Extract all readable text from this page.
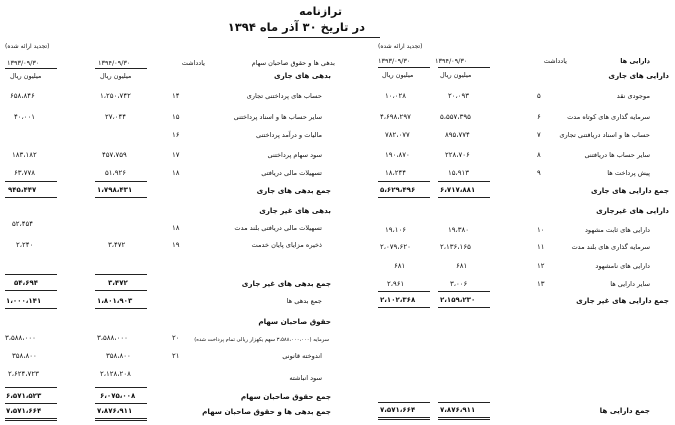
ترازنامه
در تاریخ ۳۰ آذر ماه ۱۳۹۴
(تجدید ارائه شده)
دارایی ها
یادداشت
۱۳۹۴/۰۹/۳۰
۱۳۹۳/۰۹/۳۰
میلیون ریال
میلیون ریال
(تجدید ارائه شده)
بدهی ها و حقوق صاحبان سهام
یادداشت
۱۳۹۴/۰۹/۳۰
۱۳۹۳/۰۹/۳۰
میلیون ریال
میلیون ریال	بدهی های جاری	دارایی های جاری
موجودی نقد
۵
۲۰،۰۹۳
۱۰،۰۲۸
سرمایه گذاری های کوتاه مدت
۶
۵،۵۵۷،۳۹۵
۴،۶۹۸،۲۹۷
حساب ها و اسناد دریافتنی تجاری
۷
۸۹۵،۷۷۴
۷۸۲،۰۷۷
سایر حساب ها دریافتنی
۸
۲۲۸،۷۰۶
۱۹۰،۸۷۰
پیش پرداخت ها
۹
۱۵،۹۱۳
۱۸،۲۴۴
جمع دارایی های جاری
۶،۷۱۷،۸۸۱
۵،۶۲۹،۴۹۶
دارایی های غیرجاری
دارایی های ثابت مشهود
۱۰
۱۹،۳۸۰
۱۹،۱۰۶
سرمایه گذاری های بلند مدت
۱۱
۲،۱۳۶،۱۶۵
۲،۰۷۹،۶۲۰
دارایی های نامشهود
۱۲
۶۸۱
۶۸۱
سایر دارایی ها
۱۳
۳،۰۰۶
۲،۹۶۱
جمع دارایی های غیر جاری
۲،۱۵۹،۲۳۰
۲،۱۰۲،۳۶۸
جمع دارایی ها
۷،۸۷۶،۹۱۱
۷،۵۷۱،۶۶۴
حساب های پرداختنی تجاری
۱۴
۱،۲۵۰،۷۴۲
۶۵۸،۸۴۶
سایر حساب ها و اسناد پرداختنی
۱۵
۲۷،۰۴۴
۴۰،۰۰۱
مالیات و درآمد پرداختنی
۱۶
سود سهام پرداختنی
۱۷
۴۵۷،۷۵۹
۱۸۳،۱۸۲
تسهیلات مالی دریافتی
۱۸
۵۱،۹۲۶
۶۳،۷۷۸
جمع بدهی های جاری
۱،۷۹۸،۴۳۱
۹۴۵،۴۴۷
بدهی های غیر جاری
تسهیلات مالی دریافتی بلند مدت
۱۸
۵۲،۴۵۴
ذخیره مزایای پایان خدمت
۱۹
۳،۴۷۲
۲،۲۴۰
جمع بدهی های غیر جاری
۳،۴۷۲
۵۴،۶۹۴
جمع بدهی ها
۱،۸۰۱،۹۰۳
۱،۰۰۰،۱۴۱
حقوق صاحبان سهام
سرمایه (۳،۵۸۸،۰۰۰،۰۰۰ سهم یکهزار ریالی تمام پرداخت شده)
۲۰
۳،۵۸۸،۰۰۰
۳،۵۸۸،۰۰۰
اندوخته قانونی
۲۱
۳۵۸،۸۰۰
۳۵۸،۸۰۰
سود انباشته
۲،۱۲۸،۲۰۸
۲،۶۲۴،۷۲۳
جمع حقوق صاحبان سهام
۶،۰۷۵،۰۰۸
۶،۵۷۱،۵۲۳
جمع بدهی ها و حقوق صاحبان سهام
۷،۸۷۶،۹۱۱
۷،۵۷۱،۶۶۴
